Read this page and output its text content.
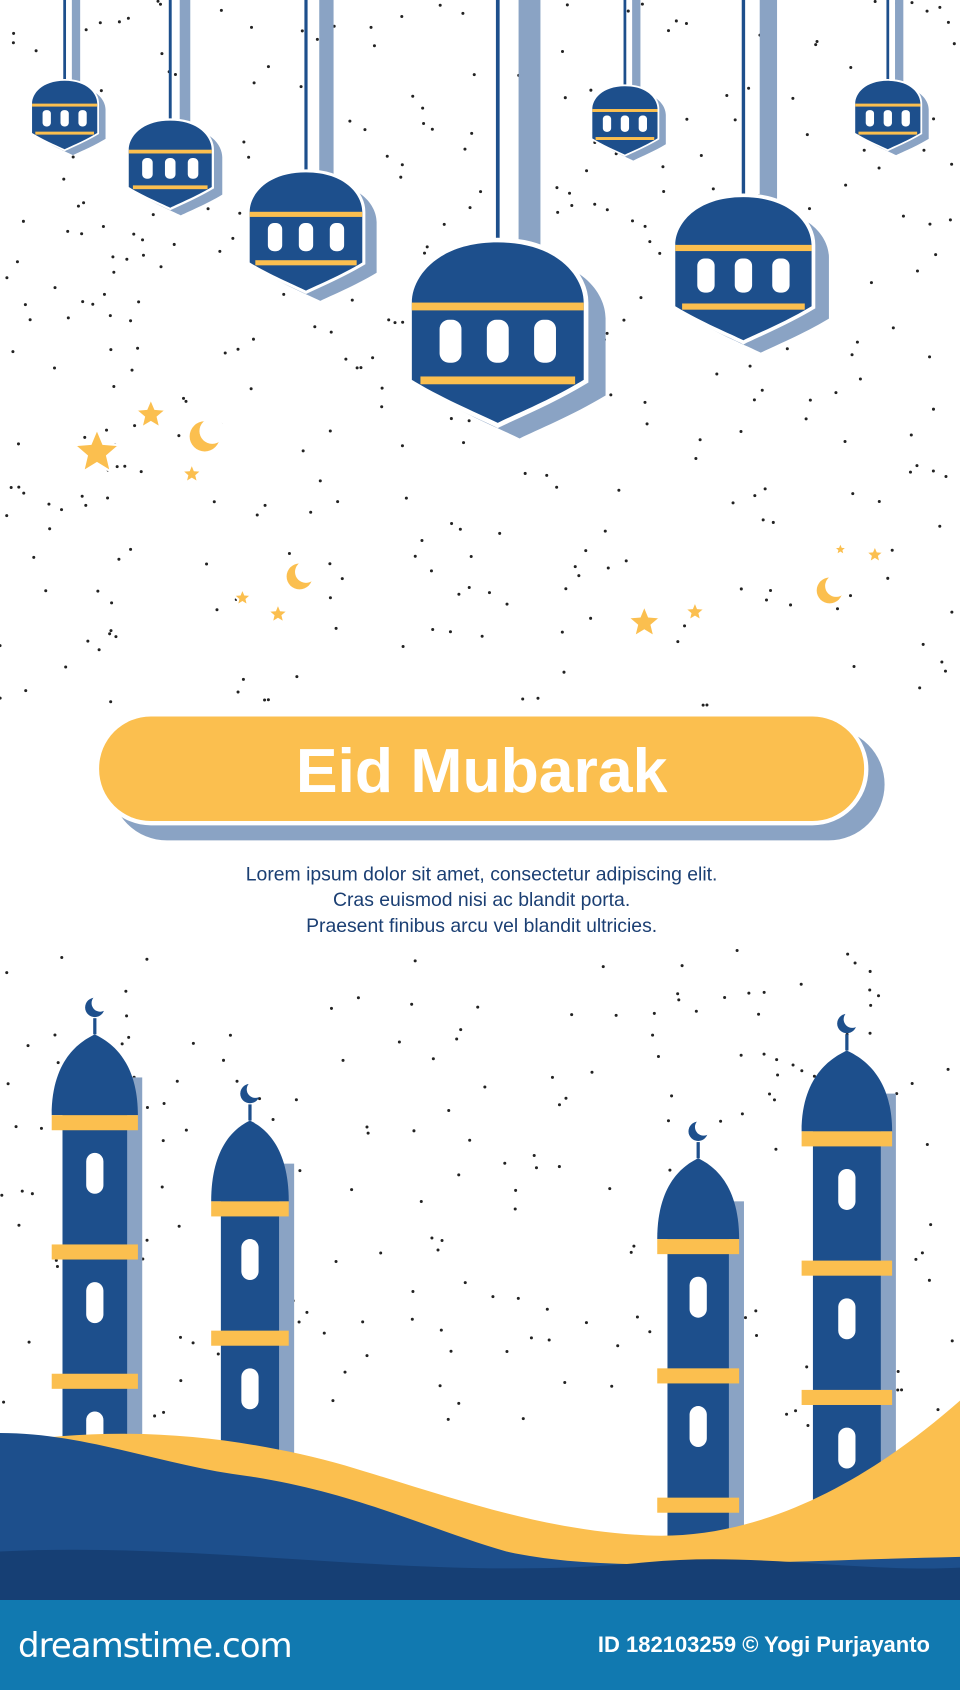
Eid Mubarak
Lorem ipsum dolor sit amet, consectetur adipiscing elit.
Cras euismod nisi ac blandit porta.
Praesent finibus arcu vel blandit ultricies.
dreamstime.com	ID 182103259 © Yogi Purjayanto
